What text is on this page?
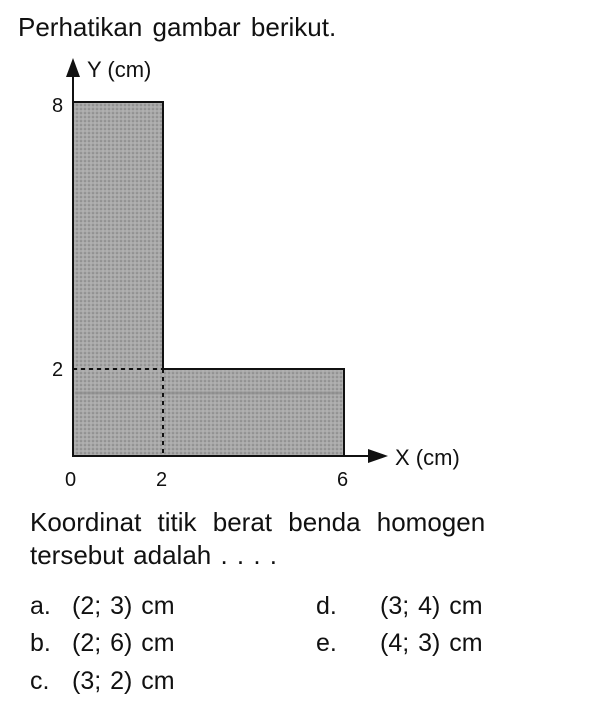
Perhatikan gambar berikut.
Y (cm)
X (cm)
8
2
0	2	6
Koordinat titik berat benda homogen
tersebut adalah . . . .
a. (2; 3) cm
b. (2; 6) cm
c. (3; 2) cm
d. (3; 4) cm
e. (4; 3) cm
